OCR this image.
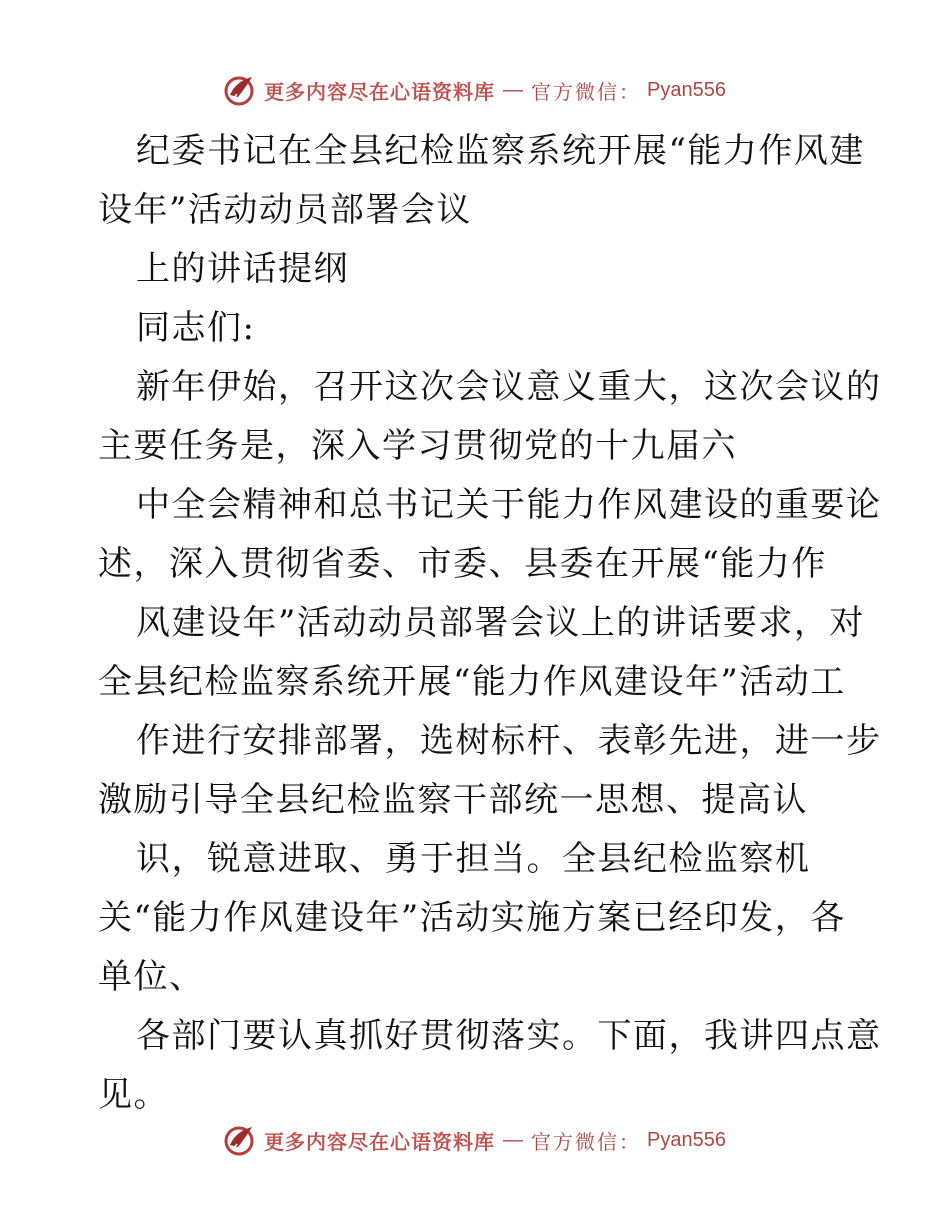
更多内容尽在心语资料库 — 官方微信： Pyan556
纪委书记在全县纪检监察系统开展“能力作风建
设年”活动动员部署会议
上的讲话提纲
同志们:
新年伊始，召开这次会议意义重大，这次会议的
主要任务是，深入学习贯彻党的十九届六
中全会精神和总书记关于能力作风建设的重要论
述，深入贯彻省委、市委、县委在开展“能力作
风建设年”活动动员部署会议上的讲话要求，对
全县纪检监察系统开展“能力作风建设年”活动工
作进行安排部署，选树标杆、表彰先进，进一步
激励引导全县纪检监察干部统一思想、提高认
识，锐意进取、勇于担当。全县纪检监察机
关“能力作风建设年”活动实施方案已经印发，各
单位、
各部门要认真抓好贯彻落实。下面，我讲四点意
见。
更多内容尽在心语资料库 — 官方微信： Pyan556
